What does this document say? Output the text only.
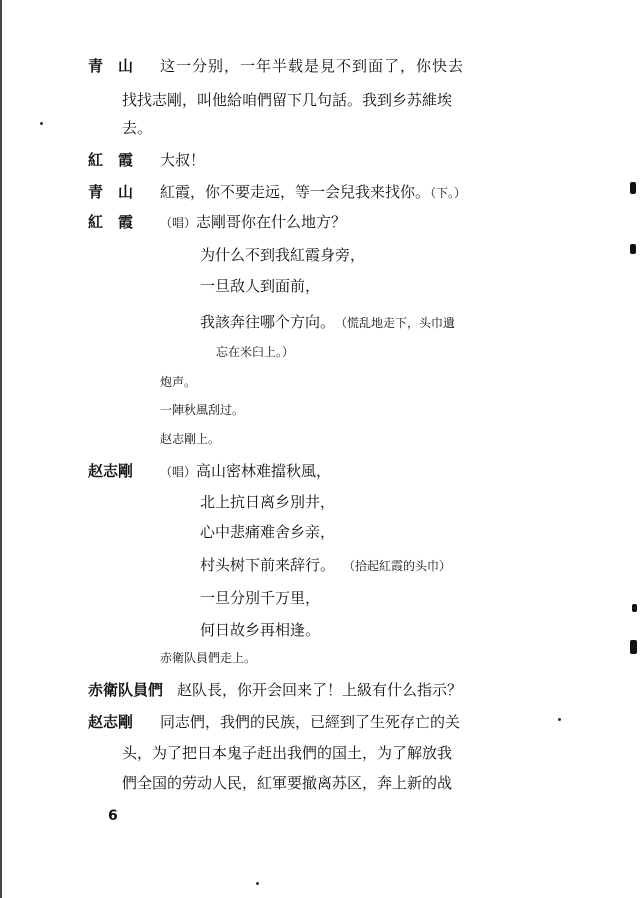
青　山 这一分别，一年半载是見不到面了，你快去
找找志剛，叫他給咱們留下几句話。我到乡苏維埃
去。
紅　霞 大叔！
青　山 紅霞，你不要走远，等一会兒我来找你。（下。）
紅　霞 （唱）志剛哥你在什么地方？
为什么不到我紅霞身旁，
一旦敌人到面前，
我該奔往哪个方向。 （慌乱地走下，头巾遺
忘在米臼上。）
炮声。
一陣秋風刮过。
赵志剛上。
赵志剛 （唱）高山密林难擋秋風，
北上抗日离乡別井，
心中悲痛难舍乡亲，
村头树下前来辞行。 （拾起紅霞的头巾）
一旦分別千万里，
何日故乡再相逢。
赤衛队員們走上。
赤衛队員們 赵队長，你开会回来了！上級有什么指示？
赵志剛 同志們，我們的民族，已經到了生死存亡的关
头，为了把日本鬼子赶出我們的国土，为了解放我
們全国的劳动人民，紅軍要撤离苏区，奔上新的战
6
